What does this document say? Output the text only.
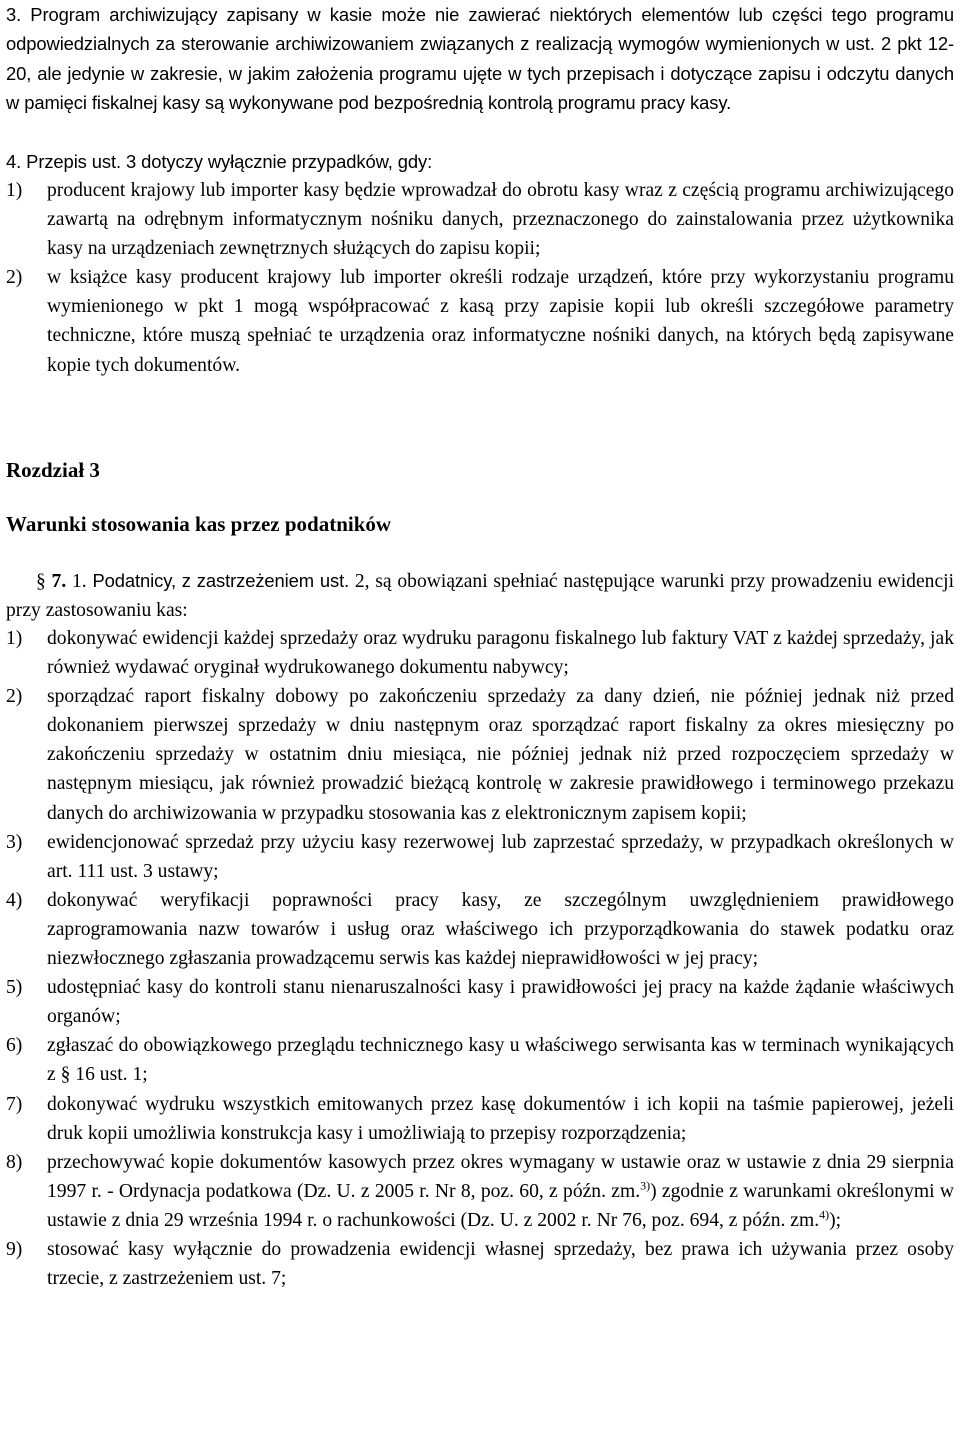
3. Program archiwizujący zapisany w kasie może nie zawierać niektórych elementów lub części tego programu odpowiedzialnych za sterowanie archiwizowaniem związanych z realizacją wymogów wymienionych w ust. 2 pkt 12-20, ale jedynie w zakresie, w jakim założenia programu ujęte w tych przepisach i dotyczące zapisu i odczytu danych w pamięci fiskalnej kasy są wykonywane pod bezpośrednią kontrolą programu pracy kasy.

4. Przepis ust. 3 dotyczy wyłącznie przypadków, gdy:

1) producent krajowy lub importer kasy będzie wprowadzał do obrotu kasy wraz z częścią programu archiwizującego zawartą na odrębnym informatycznym nośniku danych, przeznaczonego do zainstalowania przez użytkownika kasy na urządzeniach zewnętrznych służących do zapisu kopii;
2) w książce kasy producent krajowy lub importer określi rodzaje urządzeń, które przy wykorzystaniu programu wymienionego w pkt 1 mogą współpracować z kasą przy zapisie kopii lub określi szczegółowe parametry techniczne, które muszą spełniać te urządzenia oraz informatyczne nośniki danych, na których będą zapisywane kopie tych dokumentów.
Rozdział 3
Warunki stosowania kas przez podatników

§ 7. 1. Podatnicy, z zastrzeżeniem ust. 2, są obowiązani spełniać następujące warunki przy prowadzeniu ewidencji przy zastosowaniu kas:

1) dokonywać ewidencji każdej sprzedaży oraz wydruku paragonu fiskalnego lub faktury VAT z każdej sprzedaży, jak również wydawać oryginał wydrukowanego dokumentu nabywcy;
2) sporządzać raport fiskalny dobowy po zakończeniu sprzedaży za dany dzień, nie później jednak niż przed dokonaniem pierwszej sprzedaży w dniu następnym oraz sporządzać raport fiskalny za okres miesięczny po zakończeniu sprzedaży w ostatnim dniu miesiąca, nie później jednak niż przed rozpoczęciem sprzedaży w następnym miesiącu, jak również prowadzić bieżącą kontrolę w zakresie prawidłowego i terminowego przekazu danych do archiwizowania w przypadku stosowania kas z elektronicznym zapisem kopii;
3) ewidencjonować sprzedaż przy użyciu kasy rezerwowej lub zaprzestać sprzedaży, w przypadkach określonych w art. 111 ust. 3 ustawy;
4) dokonywać weryfikacji poprawności pracy kasy, ze szczególnym uwzględnieniem prawidłowego zaprogramowania nazw towarów i usług oraz właściwego ich przyporządkowania do stawek podatku oraz niezwłocznego zgłaszania prowadzącemu serwis kas każdej nieprawidłowości w jej pracy;
5) udostępniać kasy do kontroli stanu nienaruszalności kasy i prawidłowości jej pracy na każde żądanie właściwych organów;
6) zgłaszać do obowiązkowego przeglądu technicznego kasy u właściwego serwisanta kas w terminach wynikających z § 16 ust. 1;
7) dokonywać wydruku wszystkich emitowanych przez kasę dokumentów i ich kopii na taśmie papierowej, jeżeli druk kopii umożliwia konstrukcja kasy i umożliwiają to przepisy rozporządzenia;
8) przechowywać kopie dokumentów kasowych przez okres wymagany w ustawie oraz w ustawie z dnia 29 sierpnia 1997 r. - Ordynacja podatkowa (Dz. U. z 2005 r. Nr 8, poz. 60, z późn. zm.$^{3)}$) zgodnie z warunkami określonymi w ustawie z dnia 29 września 1994 r. o rachunkowości (Dz. U. z 2002 r. Nr 76, poz. 694, z późn. zm.$^{4)}$);
9) stosować kasy wyłącznie do prowadzenia ewidencji własnej sprzedaży, bez prawa ich używania przez osoby trzecie, z zastrzeżeniem ust. 7;
